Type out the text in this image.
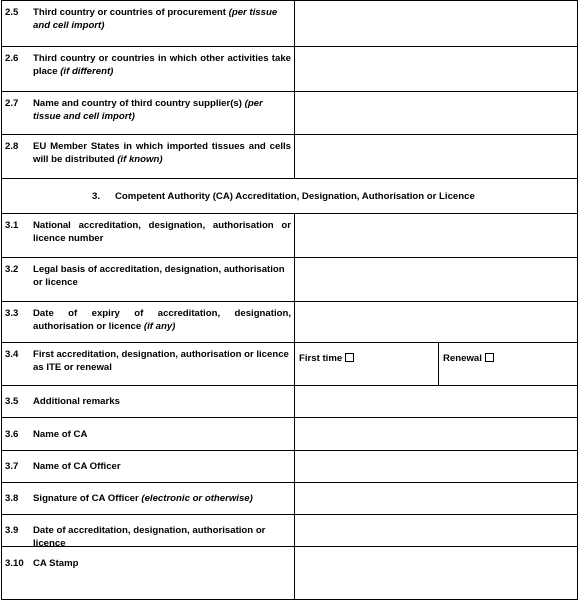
2.5 Third country or countries of procurement (per tissue and cell import)
2.6 Third country or countries in which other activities take place (if different)
2.7 Name and country of third country supplier(s) (per tissue and cell import)
2.8 EU Member States in which imported tissues and cells will be distributed (if known)
3. Competent Authority (CA) Accreditation, Designation, Authorisation or Licence
3.1 National accreditation, designation, authorisation or licence number
3.2 Legal basis of accreditation, designation, authorisation or licence
3.3 Date of expiry of accreditation, designation, authorisation or licence (if any)
3.4 First accreditation, designation, authorisation or licence as ITE or renewal
First time	Renewal
3.5 Additional remarks
3.6 Name of CA
3.7 Name of CA Officer
3.8 Signature of CA Officer (electronic or otherwise)
3.9 Date of accreditation, designation, authorisation or licence
3.10 CA Stamp
